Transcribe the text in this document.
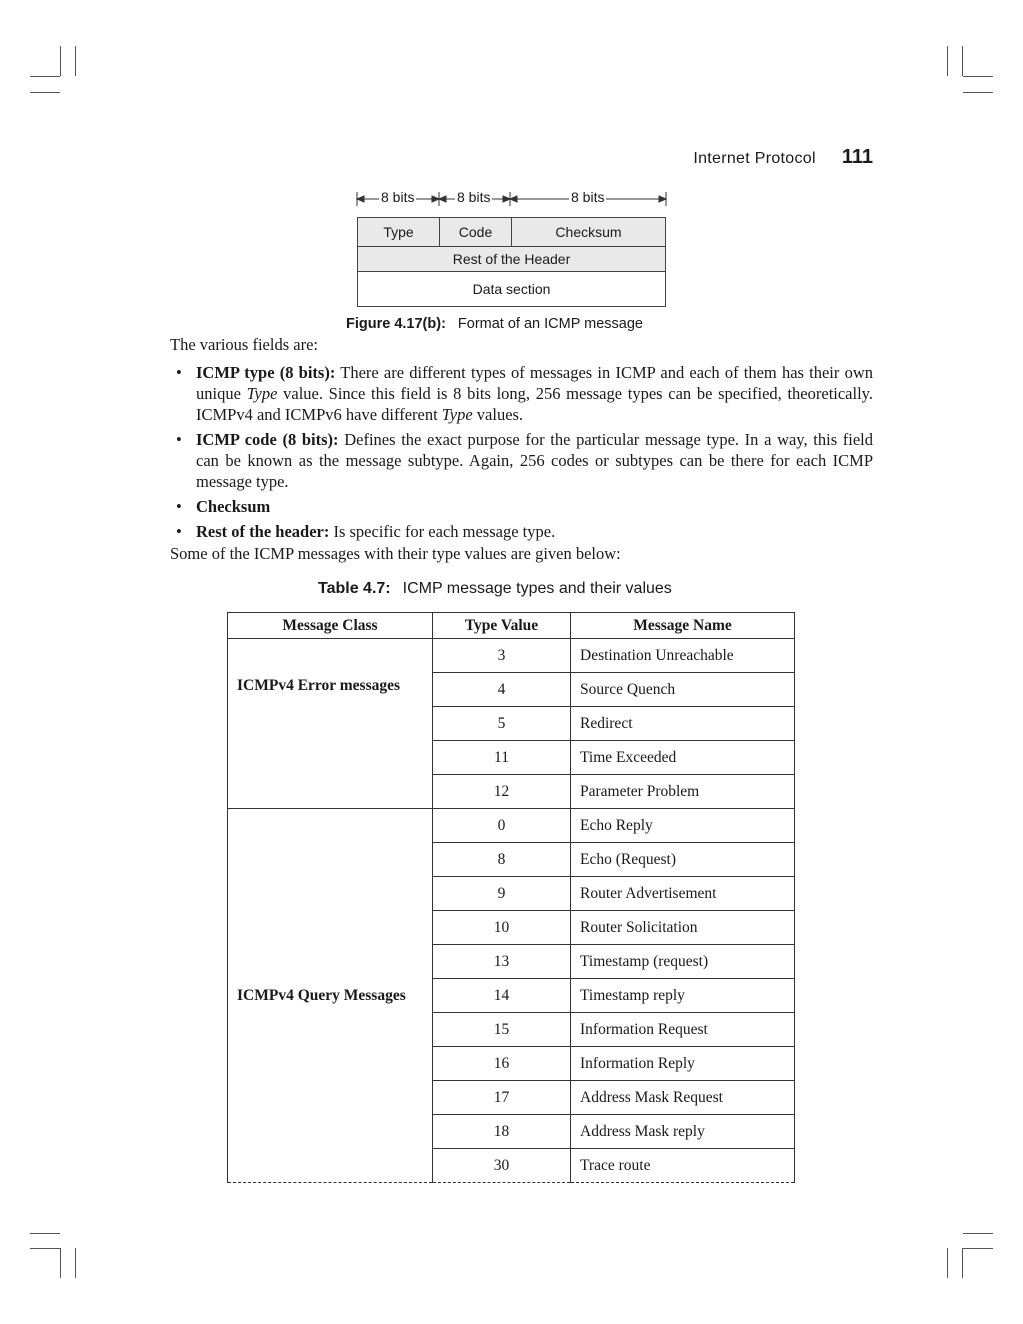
Internet Protocol 111
8 bits	8 bits	8 bits
Type	Code	Checksum
Rest of the Header
Data section
Figure 4.17(b): Format of an ICMP message
The various fields are:
• ICMP type (8 bits): There are different types of messages in ICMP and each of them has their own unique Type value. Since this field is 8 bits long, 256 message types can be specified, theoretically. ICMPv4 and ICMPv6 have different Type values.
• ICMP code (8 bits): Defines the exact purpose for the particular message type. In a way, this field can be known as the message subtype. Again, 256 codes or subtypes can be there for each ICMP message type.
• Checksum
• Rest of the header: Is specific for each message type.
Some of the ICMP messages with their type values are given below:
Table 4.7: ICMP message types and their values
Message Class	Type Value	Message Name
ICMPv4 Error messages	3	Destination Unreachable
	4	Source Quench
	5	Redirect
	11	Time Exceeded
	12	Parameter Problem
ICMPv4 Query Messages	0	Echo Reply
	8	Echo (Request)
	9	Router Advertisement
	10	Router Solicitation
	13	Timestamp (request)
	14	Timestamp reply
	15	Information Request
	16	Information Reply
	17	Address Mask Request
	18	Address Mask reply
	30	Trace route
